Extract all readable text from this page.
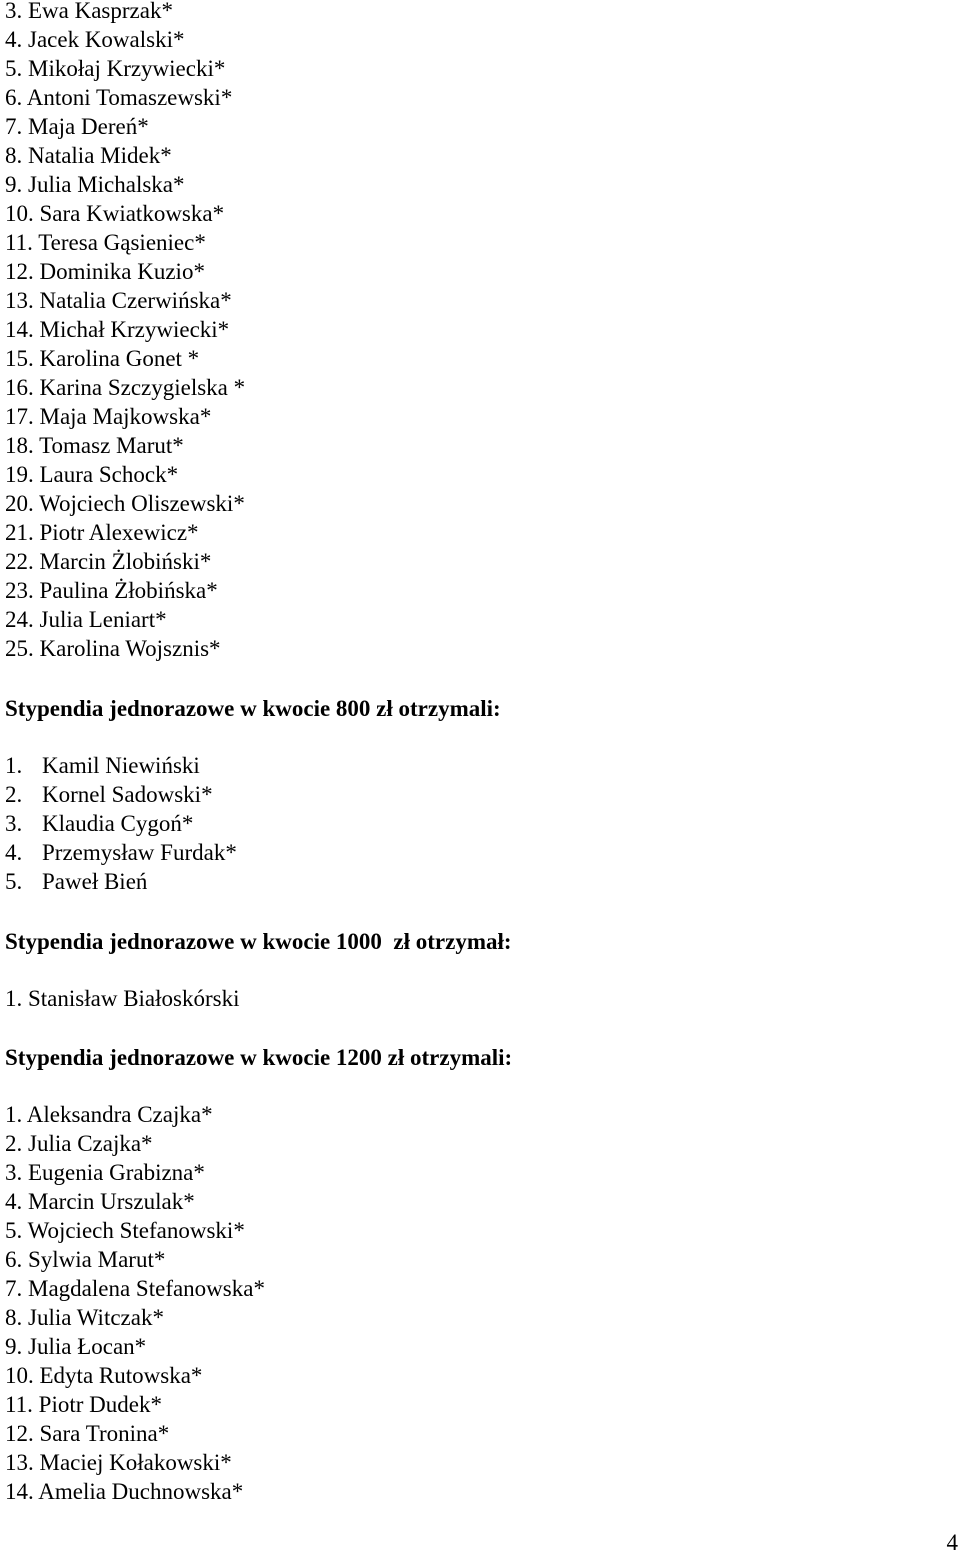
3. Ewa Kasprzak*
4. Jacek Kowalski*
5. Mikołaj Krzywiecki*
6. Antoni Tomaszewski*
7. Maja Dereń*
8. Natalia Midek*
9. Julia Michalska*
10. Sara Kwiatkowska*
11. Teresa Gąsieniec*
12. Dominika Kuzio*
13. Natalia Czerwińska*
14. Michał Krzywiecki*
15. Karolina Gonet *
16. Karina Szczygielska *
17. Maja Majkowska*
18. Tomasz Marut*
19. Laura Schock*
20. Wojciech Oliszewski*
21. Piotr Alexewicz*
22. Marcin Żlobiński*
23. Paulina Żłobińska*
24. Julia Leniart*
25. Karolina Wojsznis*
Stypendia jednorazowe w kwocie 800 zł otrzymali:
1. Kamil Niewiński
2. Kornel Sadowski*
3. Klaudia Cygoń*
4. Przemysław Furdak*
5. Paweł Bień
Stypendia jednorazowe w kwocie 1000  zł otrzymał:
1. Stanisław Białoskórski
Stypendia jednorazowe w kwocie 1200 zł otrzymali:
1. Aleksandra Czajka*
2. Julia Czajka*
3. Eugenia Grabizna*
4. Marcin Urszulak*
5. Wojciech Stefanowski*
6. Sylwia Marut*
7. Magdalena Stefanowska*
8. Julia Witczak*
9. Julia Łocan*
10. Edyta Rutowska*
11. Piotr Dudek*
12. Sara Tronina*
13. Maciej Kołakowski*
14. Amelia Duchnowska*
4
